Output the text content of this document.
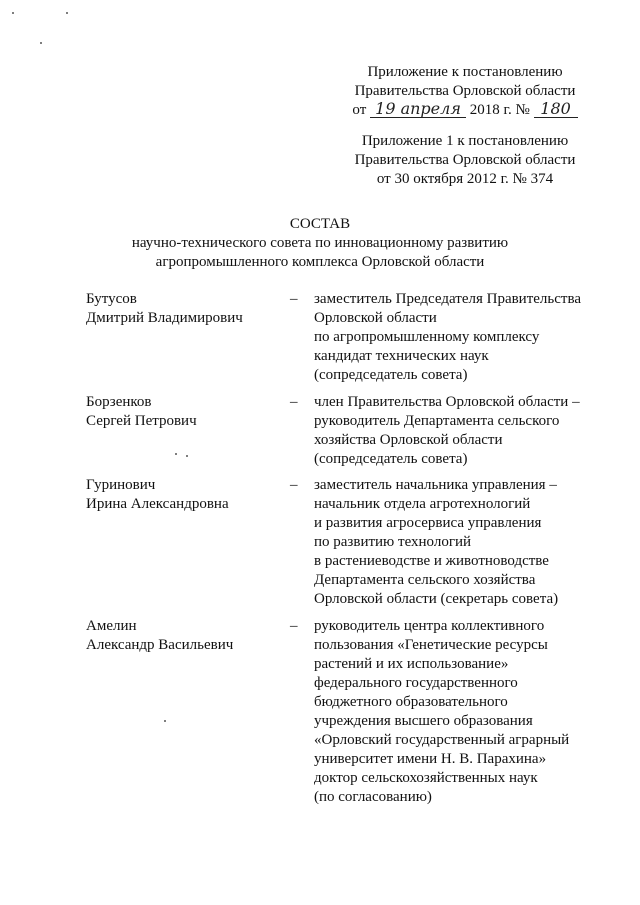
Приложение к постановлению
Правительства Орловской области
от 19 апреля 2018 г. № 180
Приложение 1 к постановлению
Правительства Орловской области
от 30 октября 2012 г. № 374
СОСТАВ
научно-технического совета по инновационному развитию
агропромышленного комплекса Орловской области
Бутусов
Дмитрий Владимирович
– заместитель Председателя Правительства
Орловской области
по агропромышленному комплексу
кандидат технических наук
(сопредседатель совета)
Борзенков
Сергей Петрович
– член Правительства Орловской области –
руководитель Департамента сельского
хозяйства Орловской области
(сопредседатель совета)
Гуринович
Ирина Александровна
– заместитель начальника управления –
начальник отдела агротехнологий
и развития агросервиса управления
по развитию технологий
в растениеводстве и животноводстве
Департамента сельского хозяйства
Орловской области (секретарь совета)
Амелин
Александр Васильевич
– руководитель центра коллективного
пользования «Генетические ресурсы
растений и их использование»
федерального государственного
бюджетного образовательного
учреждения высшего образования
«Орловский государственный аграрный
университет имени Н. В. Парахина»
доктор сельскохозяйственных наук
(по согласованию)
